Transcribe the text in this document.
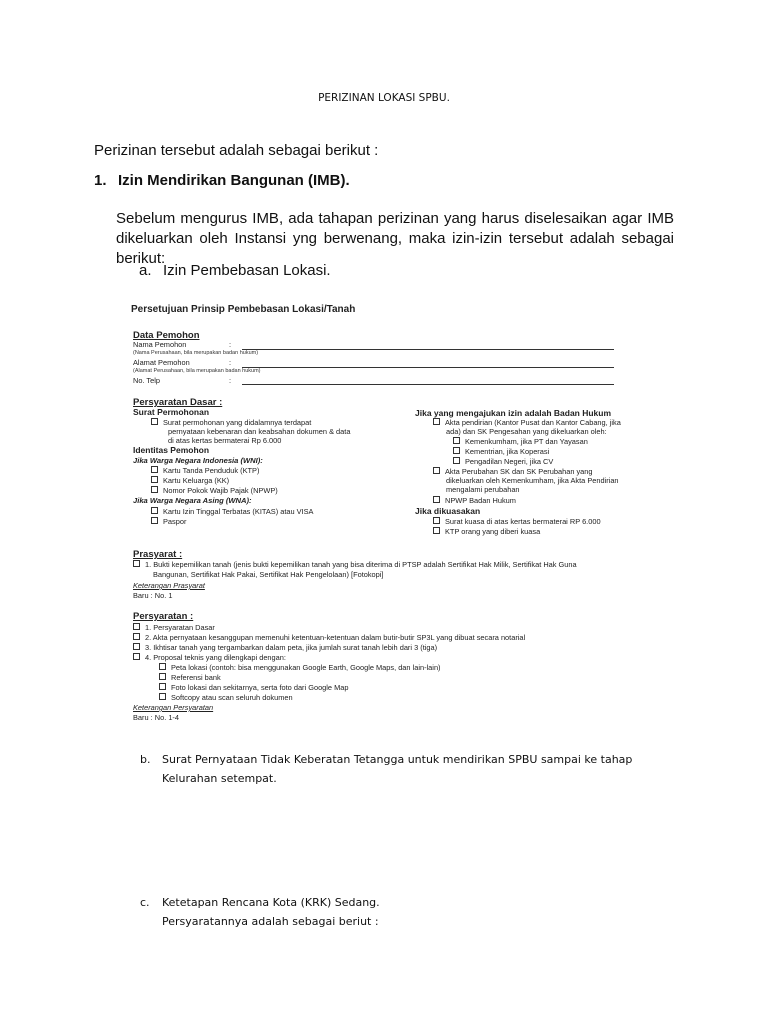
PERIZINAN LOKASI SPBU.
Perizinan tersebut adalah sebagai berikut :
1. Izin Mendirikan Bangunan (IMB).
Sebelum mengurus IMB, ada tahapan perizinan yang harus diselesaikan agar IMB dikeluarkan oleh Instansi yng berwenang, maka izin-izin tersebut adalah sebagai berikut:
a. Izin Pembebasan Lokasi.
Persetujuan Prinsip Pembebasan Lokasi/Tanah
Data Pemohon
Nama Pemohon	:
(Nama Perusahaan, bila merupakan badan hukum)
Alamat Pemohon	:
(Alamat Perusahaan, bila merupakan badan hukum)
No. Telp	:
Persyaratan Dasar :
Surat Permohonan
Surat permohonan yang didalamnya terdapat
pernyataan kebenaran dan keabsahan dokumen & data
di atas kertas bermaterai Rp 6.000
Identitas Pemohon
Jika Warga Negara Indonesia (WNI):
Kartu Tanda Penduduk (KTP)
Kartu Keluarga (KK)
Nomor Pokok Wajib Pajak (NPWP)
Jika Warga Negara Asing (WNA):
Kartu Izin Tinggal Terbatas (KITAS) atau VISA
Paspor
Jika yang mengajukan izin adalah Badan Hukum
Akta pendirian (Kantor Pusat dan Kantor Cabang, jika
ada) dan SK Pengesahan yang dikeluarkan oleh:
Kemenkumham, jika PT dan Yayasan
Kementrian, jika Koperasi
Pengadilan Negeri, jika CV
Akta Perubahan SK dan SK Perubahan yang
dikeluarkan oleh Kemenkumham, jika Akta Pendirian
mengalami perubahan
NPWP Badan Hukum
Jika dikuasakan
Surat kuasa di atas kertas bermaterai RP 6.000
KTP orang yang diberi kuasa
Prasyarat :
1. Bukti kepemilikan tanah (jenis bukti kepemilikan tanah yang bisa diterima di PTSP adalah Sertifikat Hak Milik, Sertifikat Hak Guna
Bangunan, Sertifikat Hak Pakai, Sertifikat Hak Pengelolaan) [Fotokopi]
Keterangan Prasyarat
Baru : No. 1
Persyaratan :
1. Persyaratan Dasar
2. Akta pernyataan kesanggupan memenuhi ketentuan-ketentuan dalam butir-butir SP3L yang dibuat secara notarial
3. Ikhtisar tanah yang tergambarkan dalam peta, jika jumlah surat tanah lebih dari 3 (tiga)
4. Proposal teknis yang dilengkapi dengan:
Peta lokasi (contoh: bisa menggunakan Google Earth, Google Maps, dan lain-lain)
Referensi bank
Foto lokasi dan sekitarnya, serta foto dari Google Map
Softcopy atau scan seluruh dokumen
Keterangan Persyaratan
Baru : No. 1-4
b. Surat Pernyataan Tidak Keberatan Tetangga untuk mendirikan SPBU sampai ke tahap
Kelurahan setempat.
c. Ketetapan Rencana Kota (KRK) Sedang.
Persyaratannya adalah sebagai beriut :
